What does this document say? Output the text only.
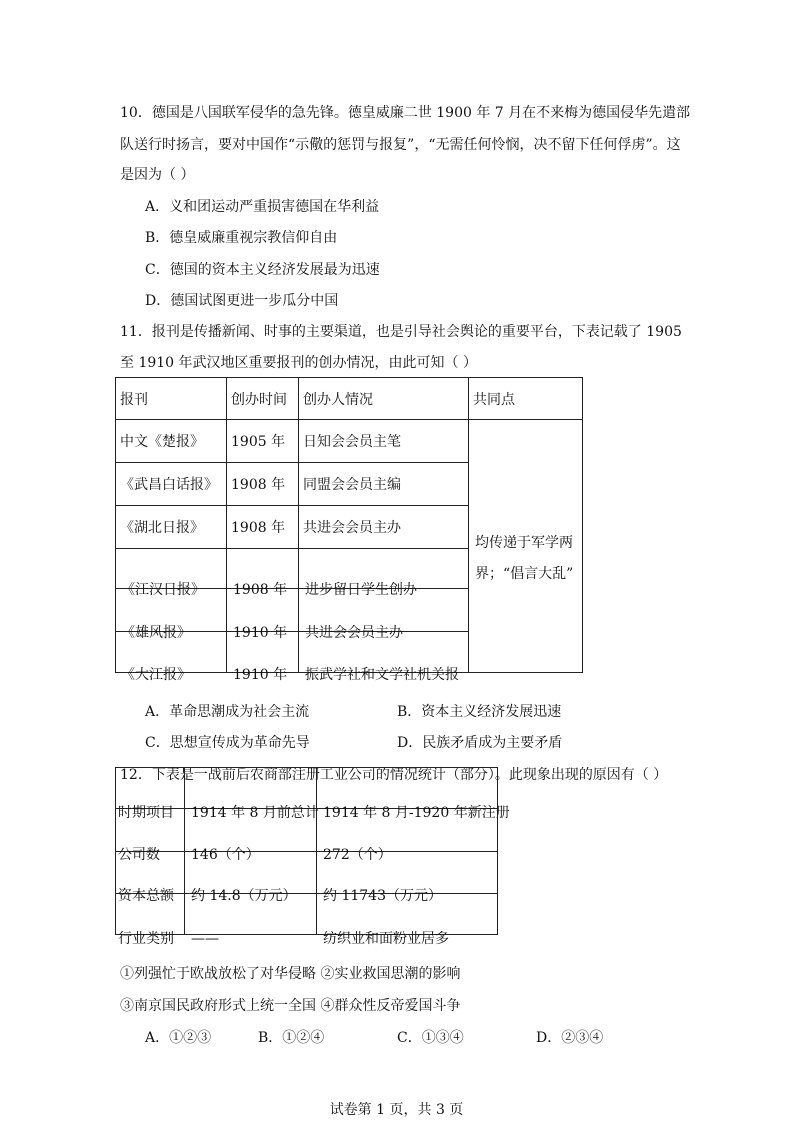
10．德国是八国联军侵华的急先锋。德皇威廉二世 1900 年 7 月在不来梅为德国侵华先遣部
队送行时扬言，要对中国作“示儆的惩罚与报复”，“无需任何怜悯，决不留下任何俘虏”。这
是因为（ ）
A．义和团运动严重损害德国在华利益
B．德皇威廉重视宗教信仰自由
C．德国的资本主义经济发展最为迅速
D．德国试图更进一步瓜分中国
11．报刊是传播新闻、时事的主要渠道，也是引导社会舆论的重要平台，下表记载了 1905
至 1910 年武汉地区重要报刊的创办情况，由此可知（ ）
报刊	创办时间 创办人情况	共同点
中文《楚报》 1905 年 日知会会员主笔
《武昌白话报》 1908 年 同盟会会员主编
《湖北日报》 1908 年 共进会会员主办
均传递于军学两
界；“倡言大乱”
《江汉日报》 1908 年 进步留日学生创办
《雄风报》	1910 年 共进会会员主办
《大江报》	1910 年 振武学社和文学社机关报
A．革命思潮成为社会主流	B．资本主义经济发展迅速
C．思想宣传成为革命先导	D．民族矛盾成为主要矛盾
12．下表是一战前后农商部注册工业公司的情况统计（部分）。此现象出现的原因有（ ）
时期项目 1914 年 8 月前总计 1914 年 8 月-1920 年新注册
公司数 146（个）	272（个）
资本总额 约 14.8（万元） 约 11743（万元）
行业类别 ——	纺织业和面粉业居多
①列强忙于欧战放松了对华侵略 ②实业救国思潮的影响
③南京国民政府形式上统一全国 ④群众性反帝爱国斗争
A．①②③	B．①②④	C．①③④	D．②③④
试卷第 1 页，共 3 页
